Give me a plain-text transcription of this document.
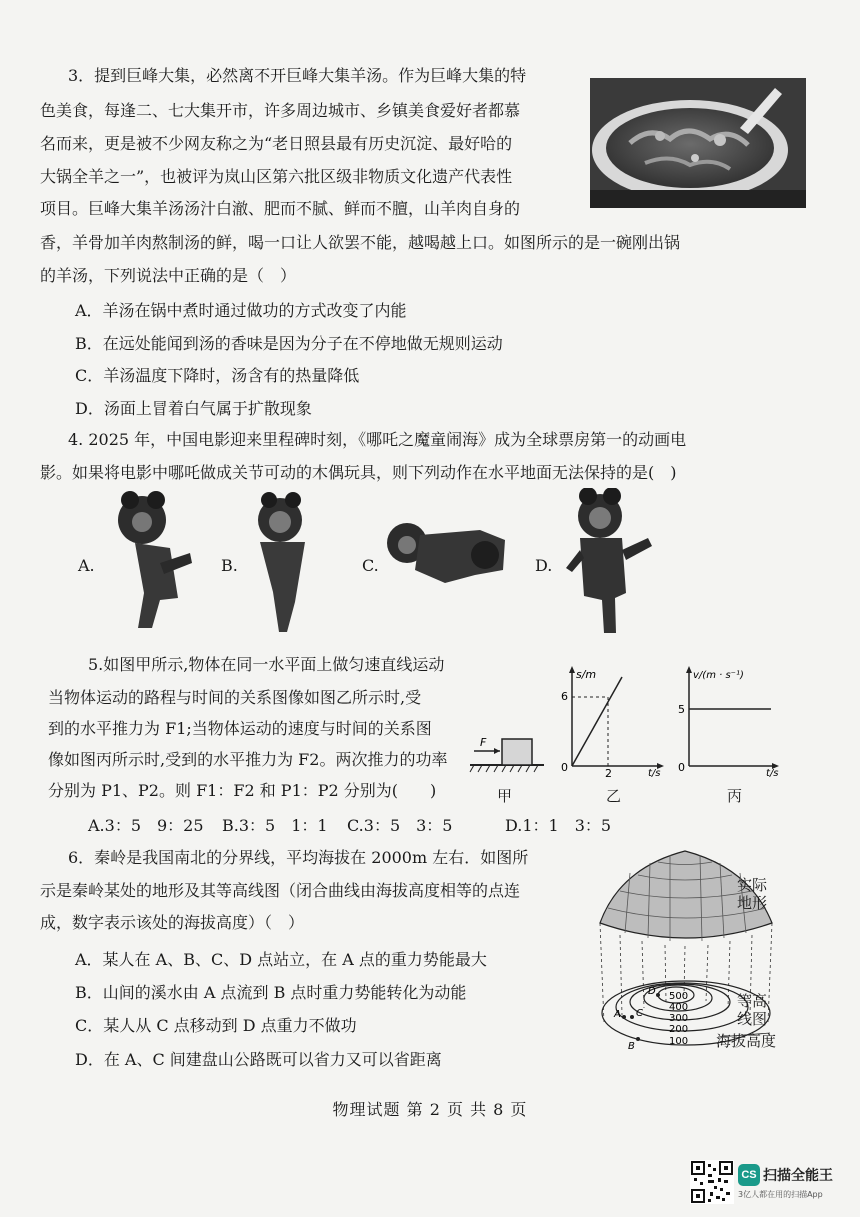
3．提到巨峰大集，必然离不开巨峰大集羊汤。作为巨峰大集的特
色美食，每逢二、七大集开市，许多周边城市、乡镇美食爱好者都慕
名而来，更是被不少网友称之为“老日照县最有历史沉淀、最好哈的
大锅全羊之一”，也被评为岚山区第六批区级非物质文化遗产代表性
项目。巨峰大集羊汤汤汁白澈、肥而不腻、鲜而不膻，山羊肉自身的
香，羊骨加羊肉熬制汤的鲜，喝一口让人欲罢不能，越喝越上口。如图所示的是一碗刚出锅
的羊汤，下列说法中正确的是（　）
A．羊汤在锅中煮时通过做功的方式改变了内能
B．在远处能闻到汤的香味是因为分子在不停地做无规则运动
C．羊汤温度下降时，汤含有的热量降低
D．汤面上冒着白气属于扩散现象
4. 2025 年，中国电影迎来里程碑时刻，《哪吒之魔童闹海》成为全球票房第一的动画电
影。如果将电影中哪吒做成关节可动的木偶玩具，则下列动作在水平地面无法保持的是(　)
A.	B.	C.	D.
5.如图甲所示,物体在同一水平面上做匀速直线运动
当物体运动的路程与时间的关系图像如图乙所示时,受
到的水平推力为 F1;当物体运动的速度与时间的关系图
像如图丙所示时,受到的水平推力为 F2。两次推力的功率
分别为 P1、P2。则 F1：F2 和 P1：P2 分别为(　　)
A.3：5　9：25 B.3：5　1：1 C.3：5　3：5	D.1：1　3：5
F
甲
s/m
6
0	2	t/s
乙
v/(m · s⁻¹)
5
0	t/s
丙
6．秦岭是我国南北的分界线，平均海拔在 2000m 左右．如图所
示是秦岭某处的地形及其等高线图（闭合曲线由海拔高度相等的点连
成，数字表示该处的海拔高度）（　）
A．某人在 A、B、C、D 点站立，在 A 点的重力势能最大
B．山间的溪水由 A 点流到 B 点时重力势能转化为动能
C．某人从 C 点移动到 D 点重力不做功
D．在 A、C 间建盘山公路既可以省力又可以省距离
500
400
300
200
100
D
A C
B
实际
地形
等高
线图
海拔高度
物理试题 第 2 页 共 8 页
CS 扫描全能王
3亿人都在用的扫描App
